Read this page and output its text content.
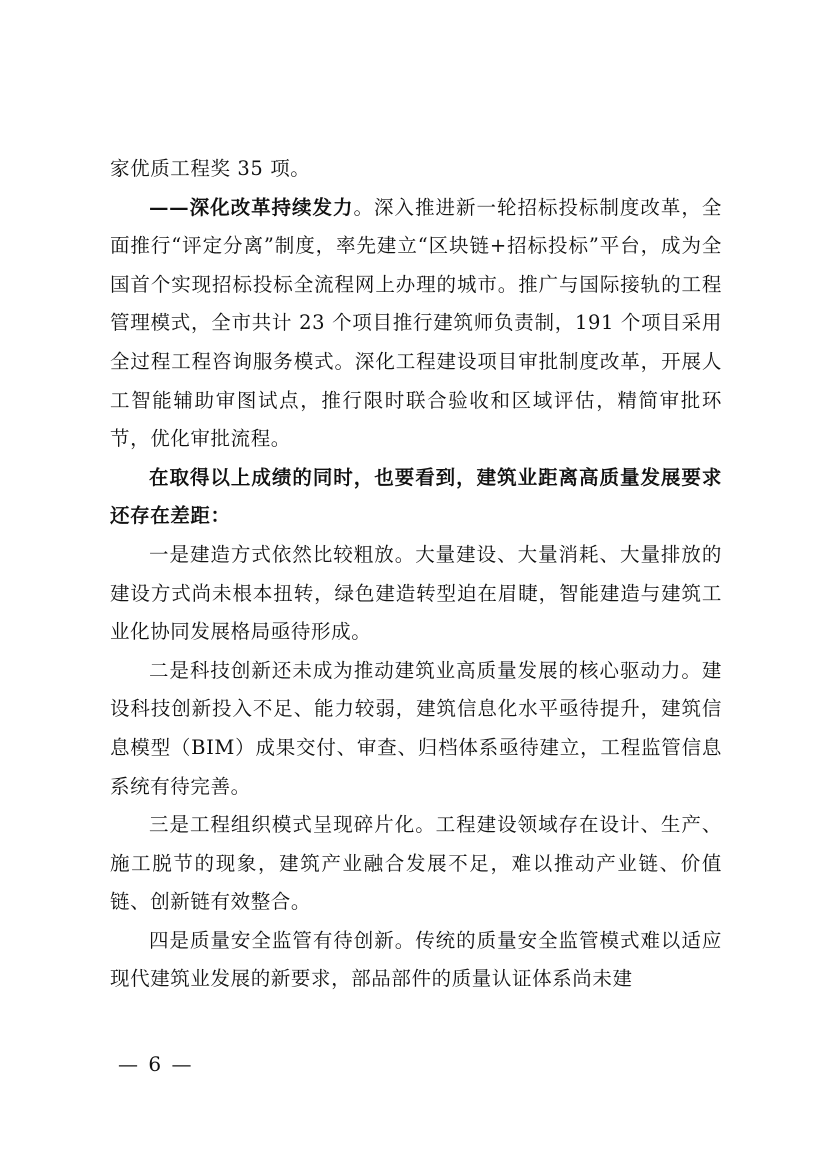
家优质工程奖 35 项。

——深化改革持续发力。深入推进新一轮招标投标制度改革，全面推行“评定分离”制度，率先建立“区块链+招标投标”平台，成为全国首个实现招标投标全流程网上办理的城市。推广与国际接轨的工程管理模式，全市共计 23 个项目推行建筑师负责制，191 个项目采用全过程工程咨询服务模式。深化工程建设项目审批制度改革，开展人工智能辅助审图试点，推行限时联合验收和区域评估，精简审批环节，优化审批流程。

在取得以上成绩的同时，也要看到，建筑业距离高质量发展要求还存在差距：

一是建造方式依然比较粗放。大量建设、大量消耗、大量排放的建设方式尚未根本扭转，绿色建造转型迫在眉睫，智能建造与建筑工业化协同发展格局亟待形成。

二是科技创新还未成为推动建筑业高质量发展的核心驱动力。建设科技创新投入不足、能力较弱，建筑信息化水平亟待提升，建筑信息模型（BIM）成果交付、审查、归档体系亟待建立，工程监管信息系统有待完善。

三是工程组织模式呈现碎片化。工程建设领域存在设计、生产、施工脱节的现象，建筑产业融合发展不足，难以推动产业链、价值链、创新链有效整合。

四是质量安全监管有待创新。传统的质量安全监管模式难以适应现代建筑业发展的新要求，部品部件的质量认证体系尚未建

— 6 —
